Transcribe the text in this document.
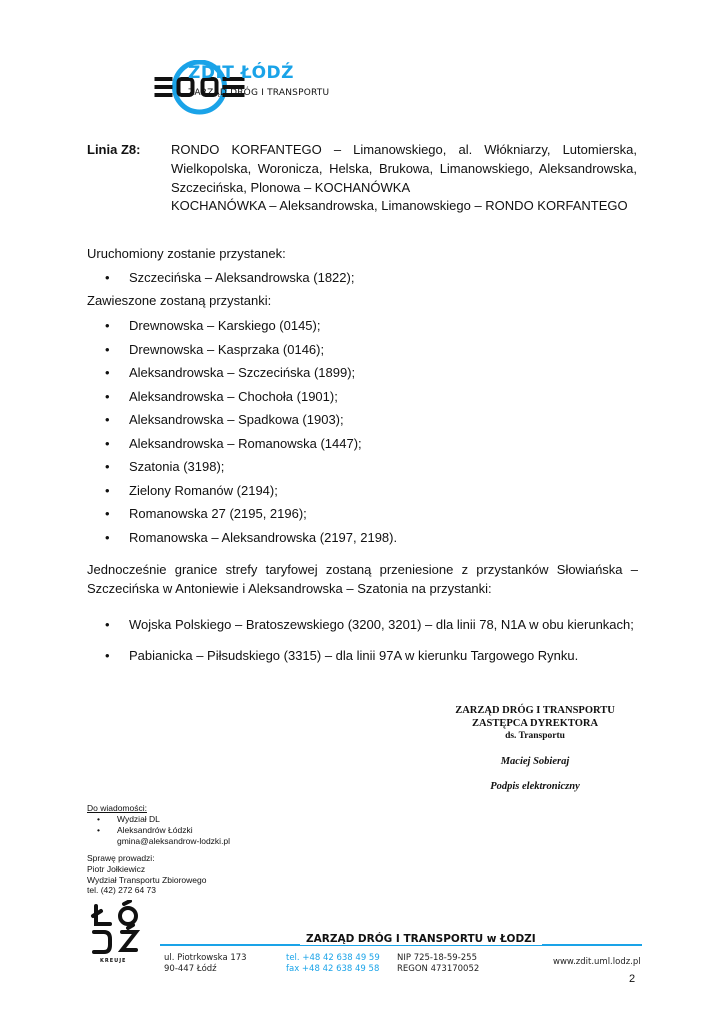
ZDIT ŁÓDŹ
ZARZĄD DRÓG I TRANSPORTU
Linia Z8: RONDO KORFANTEGO – Limanowskiego, al. Włókniarzy, Lutomierska, Wielkopolska, Woronicza, Helska, Brukowa, Limanowskiego, Aleksandrowska, Szczecińska, Plonowa – KOCHANÓWKA
KOCHANÓWKA – Aleksandrowska, Limanowskiego – RONDO KORFANTEGO
Uruchomiony zostanie przystanek:
• Szczecińska – Aleksandrowska (1822);
Zawieszone zostaną przystanki:
• Drewnowska – Karskiego (0145);
• Drewnowska – Kasprzaka (0146);
• Aleksandrowska – Szczecińska (1899);
• Aleksandrowska – Chochoła (1901);
• Aleksandrowska – Spadkowa (1903);
• Aleksandrowska – Romanowska (1447);
• Szatonia (3198);
• Zielony Romanów (2194);
• Romanowska 27 (2195, 2196);
• Romanowska – Aleksandrowska (2197, 2198).
Jednocześnie granice strefy taryfowej zostaną przeniesione z przystanków Słowiańska – Szczecińska w Antoniewie i Aleksandrowska – Szatonia na przystanki:
• Wojska Polskiego – Bratoszewskiego (3200, 3201) – dla linii 78, N1A w obu kierunkach;
• Pabianicka – Piłsudskiego (3315) – dla linii 97A w kierunku Targowego Rynku.
ZARZĄD DRÓG I TRANSPORTU
ZASTĘPCA DYREKTORA
ds. Transportu
Maciej Sobieraj
Podpis elektroniczny
Do wiadomości:
• Wydział DL
• Aleksandrów Łódzki
gmina@aleksandrow-lodzki.pl
Sprawę prowadzi:
Piotr Jołkiewicz
Wydział Transportu Zbiorowego
tel. (42) 272 64 73
KREUJE
ZARZĄD DRÓG I TRANSPORTU w ŁODZI
ul. Piotrkowska 173
90-447 Łódź
tel. +48 42 638 49 59
fax +48 42 638 49 58
NIP 725-18-59-255
REGON 473170052
www.zdit.uml.lodz.pl
2
